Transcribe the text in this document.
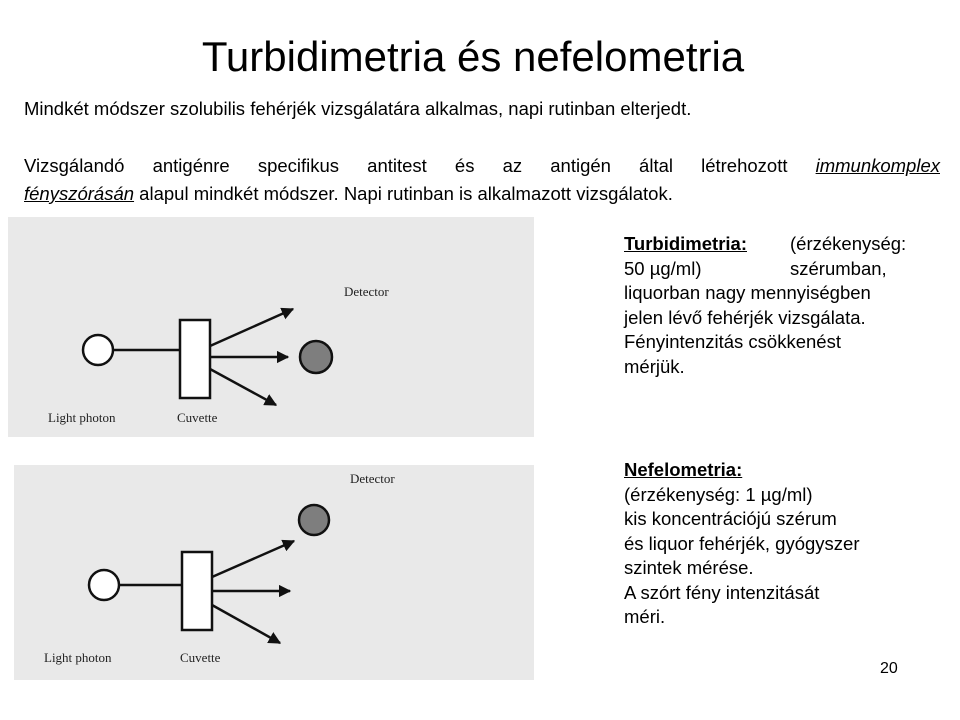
Turbidimetria és nefelometria
Mindkét módszer szolubilis fehérjék vizsgálatára alkalmas, napi rutinban elterjedt.
Vizsgálandó antigénre specifikus antitest és az antigén által létrehozott immunkomplex
fényszórásán alapul mindkét módszer. Napi rutinban is alkalmazott vizsgálatok.
Detector
Light photon	Cuvette
Detector
Light photon	Cuvette
Turbidimetria:	(érzékenység:
50 µg/ml)	szérumban,
liquorban nagy mennyiségben
jelen lévő fehérjék vizsgálata.
Fényintenzitás csökkenést
mérjük.
Nefelometria:
(érzékenység: 1 µg/ml)
kis koncentrációjú szérum
és liquor fehérjék, gyógyszer
szintek mérése.
A szórt fény intenzitását
méri.
20
